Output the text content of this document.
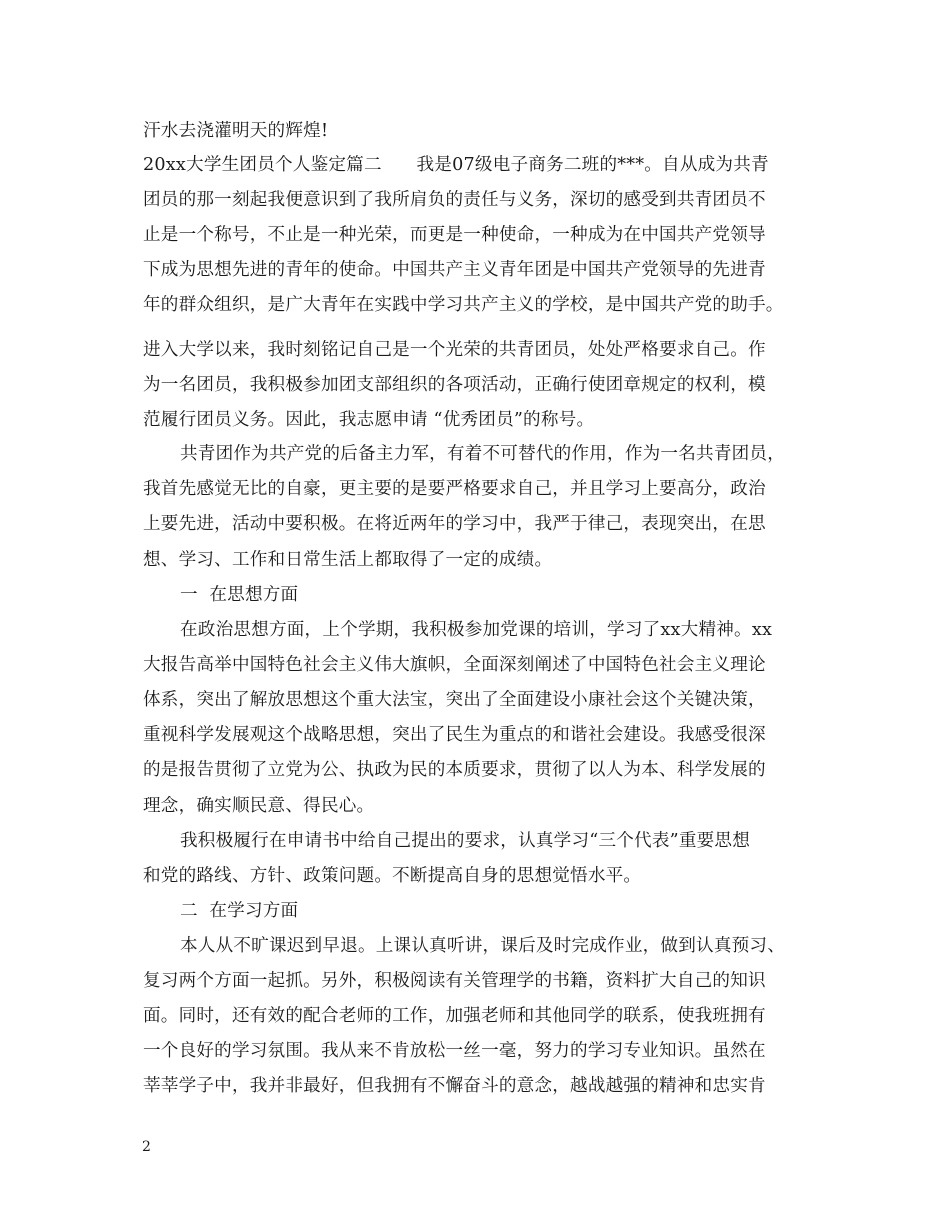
汗水去浇灌明天的辉煌!
20xx大学生团员个人鉴定篇二      我是07级电子商务二班的***。自从成为共青
团员的那一刻起我便意识到了我所肩负的责任与义务，深切的感受到共青团员不
止是一个称号，不止是一种光荣，而更是一种使命，一种成为在中国共产党领导
下成为思想先进的青年的使命。中国共产主义青年团是中国共产党领导的先进青
年的群众组织，是广大青年在实践中学习共产主义的学校，是中国共产党的助手。
进入大学以来，我时刻铭记自己是一个光荣的共青团员，处处严格要求自己。作
为一名团员，我积极参加团支部组织的各项活动，正确行使团章规定的权利，模
范履行团员义务。因此，我志愿申请 “优秀团员”的称号。
共青团作为共产党的后备主力军，有着不可替代的作用，作为一名共青团员，
我首先感觉无比的自豪，更主要的是要严格要求自己，并且学习上要高分，政治
上要先进，活动中要积极。在将近两年的学习中，我严于律己，表现突出，在思
想、学习、工作和日常生活上都取得了一定的成绩。
一  在思想方面
在政治思想方面，上个学期，我积极参加党课的培训，学习了xx大精神。xx
大报告高举中国特色社会主义伟大旗帜，全面深刻阐述了中国特色社会主义理论
体系，突出了解放思想这个重大法宝，突出了全面建设小康社会这个关键决策，
重视科学发展观这个战略思想，突出了民生为重点的和谐社会建设。我感受很深
的是报告贯彻了立党为公、执政为民的本质要求，贯彻了以人为本、科学发展的
理念，确实顺民意、得民心。
我积极履行在申请书中给自己提出的要求，认真学习“三个代表”重要思想
和党的路线、方针、政策问题。不断提高自身的思想觉悟水平。
二  在学习方面
本人从不旷课迟到早退。上课认真听讲，课后及时完成作业，做到认真预习、
复习两个方面一起抓。另外，积极阅读有关管理学的书籍，资料扩大自己的知识
面。同时，还有效的配合老师的工作，加强老师和其他同学的联系，使我班拥有
一个良好的学习氛围。我从来不肯放松一丝一毫，努力的学习专业知识。虽然在
莘莘学子中，我并非最好，但我拥有不懈奋斗的意念，越战越强的精神和忠实肯
2
